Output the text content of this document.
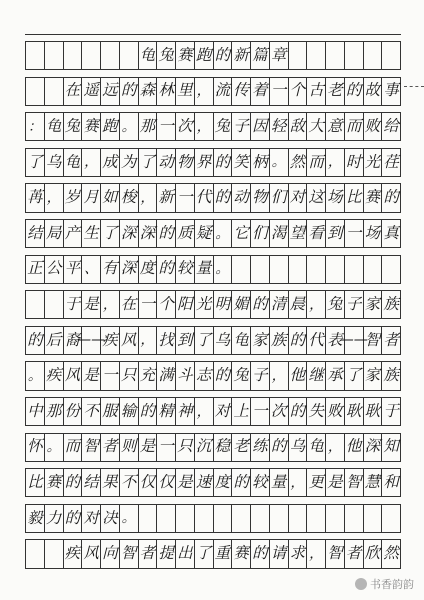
龟 兔 赛 跑 的 新 篇 章
在 遥 远 的 森 林 里 ， 流 传 着 一 个 古 老 的 故 事
： 龟 兔 赛 跑 。 那 一 次 ， 兔 子 因 轻 敌 大 意 而 败 给
了 乌 龟 ， 成 为 了 动 物 界 的 笑 柄 。 然 而 ， 时 光 荏
苒 ， 岁 月 如 梭 ， 新 一 代 的 动 物 们 对 这 场 比 赛 的
结 局 产 生 了 深 深 的 质 疑 。 它 们 渴 望 看 到 一 场 真
正 公 平 、 有 深 度 的 较 量 。
于 是 ， 在 一 个 阳 光 明 媚 的 清 晨 ， 兔 子 家 族
的 后 裔
——
疾 风 ， 找 到 了 乌 龟 家 族 的 代 表
——
智 者
。 疾 风 是 一 只 充 满 斗 志 的 兔 子 ， 他 继 承 了 家 族
中 那 份 不 服 输 的 精 神 ， 对 上 一 次 的 失 败 耿 耿 于
怀 。 而 智 者 则 是 一 只 沉 稳 老 练 的 乌 龟 ， 他 深 知
比 赛 的 结 果 不 仅 仅 是 速 度 的 较 量 ， 更 是 智 慧 和
毅 力 的 对 决 。
疾 风 向 智 者 提 出 了 重 赛 的 请 求 ， 智 者 欣 然
书香韵韵
